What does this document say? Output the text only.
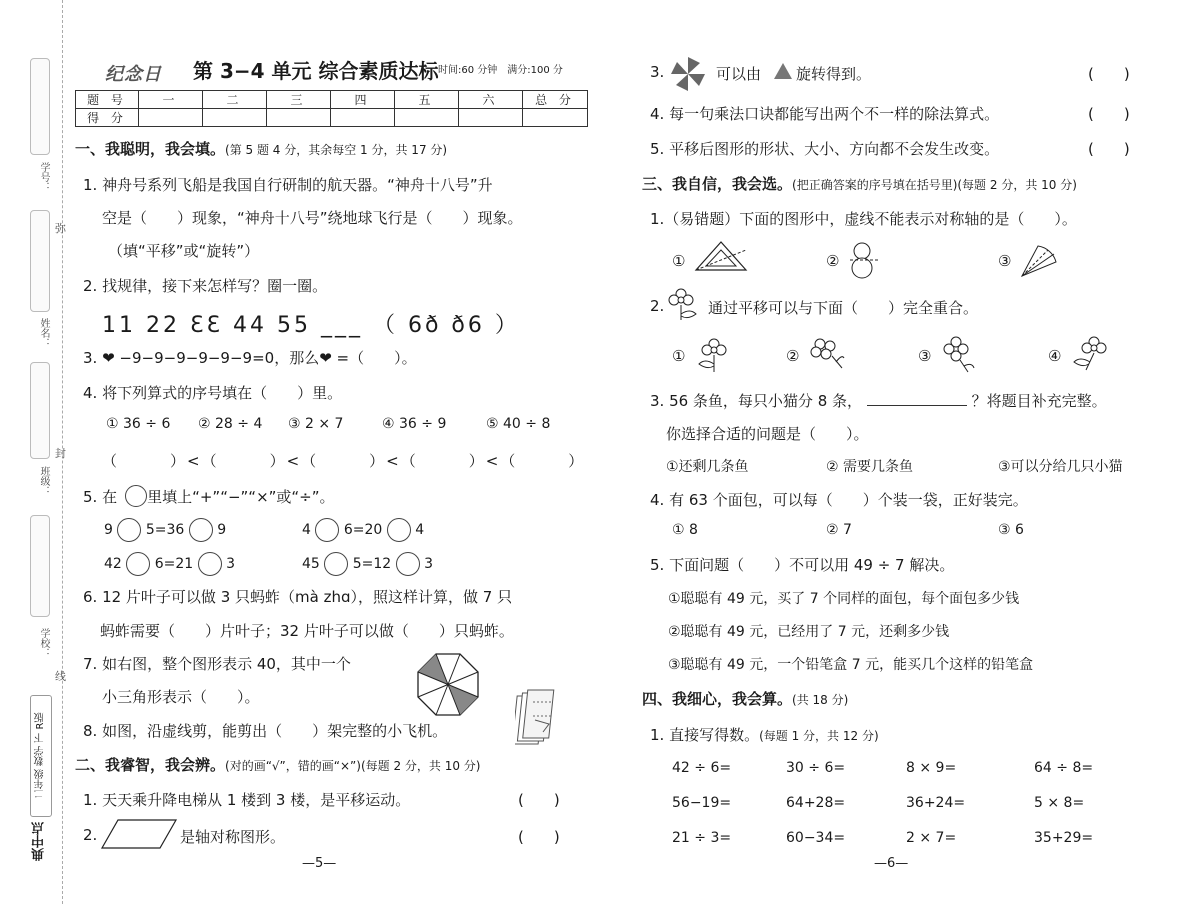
学号：
姓名：
班级：
学校：
弥
封
线
二年级 数学 下 R版
典中点
纪念日 第 3−4 单元 综合素质达标 时间:60 分钟　满分:100 分
题 号	一	二	三	四	五	六	总 分
得 分							
一、我聪明，我会填。(第 5 题 4 分，其余每空 1 分，共 17 分)
1. 神舟号系列飞船是我国自行研制的航天器。“神舟十八号”升
空是（　　）现象，“神舟十八号”绕地球飞行是（　　）现象。
（填“平移”或“旋转”）
2. 找规律，接下来怎样写？圈一圈。
11 22 ƐƐ 44 55 ___ （ 6ð ð6 ）
3. ❤ −9−9−9−9−9−9=0，那么❤ =（　　）。
4. 将下列算式的序号填在（　　）里。
① 36 ÷ 6 ② 28 ÷ 4 ③ 2 × 7	④ 36 ÷ 9	⑤ 40 ÷ 8
（　　　）<（　　　）<（　　　）<（　　　）<（　　　）
5. 在　　里填上“+”“−”“×”或“÷”。
9 5=36 9	4 6=20 4
42 6=21 3	45 5=12 3
6. 12 片叶子可以做 3 只蚂蚱（mà zhɑ），照这样计算，做 7 只
蚂蚱需要（　　）片叶子；32 片叶子可以做（　　）只蚂蚱。
7. 如右图，整个图形表示 40，其中一个
小三角形表示（　　）。
8. 如图，沿虚线剪，能剪出（　　）架完整的小飞机。
二、我睿智，我会辨。(对的画“√”，错的画“×”)(每题 2 分，共 10 分)
1. 天天乘升降电梯从 1 楼到 3 楼，是平移运动。	(　　)
2.	是轴对称图形。	(　　)
—5—
3.	可以由 旋转得到。	(　　)
4. 每一句乘法口诀都能写出两个不一样的除法算式。	(　　)
5. 平移后图形的形状、大小、方向都不会发生改变。	(　　)
三、我自信，我会选。(把正确答案的序号填在括号里)(每题 2 分，共 10 分)
1.（易错题）下面的图形中，虚线不能表示对称轴的是（　　）。
①	②	③
2.	通过平移可以与下面（　　）完全重合。
①	②	③	④
3. 56 条鱼，每只小猫分 8 条，	？将题目补充完整。
你选择合适的问题是（　　）。
①还剩几条鱼	② 需要几条鱼	③可以分给几只小猫
4. 有 63 个面包，可以每（　　）个装一袋，正好装完。
① 8	② 7	③ 6
5. 下面问题（　　）不可以用 49 ÷ 7 解决。
①聪聪有 49 元，买了 7 个同样的面包，每个面包多少钱
②聪聪有 49 元，已经用了 7 元，还剩多少钱
③聪聪有 49 元，一个铅笔盒 7 元，能买几个这样的铅笔盒
四、我细心，我会算。(共 18 分)
1. 直接写得数。(每题 1 分，共 12 分)
42 ÷ 6=	30 ÷ 6=	8 × 9=	64 ÷ 8=
56−19=	64+28=	36+24=	5 × 8=
21 ÷ 3=	60−34=	2 × 7=	35+29=
—6—
